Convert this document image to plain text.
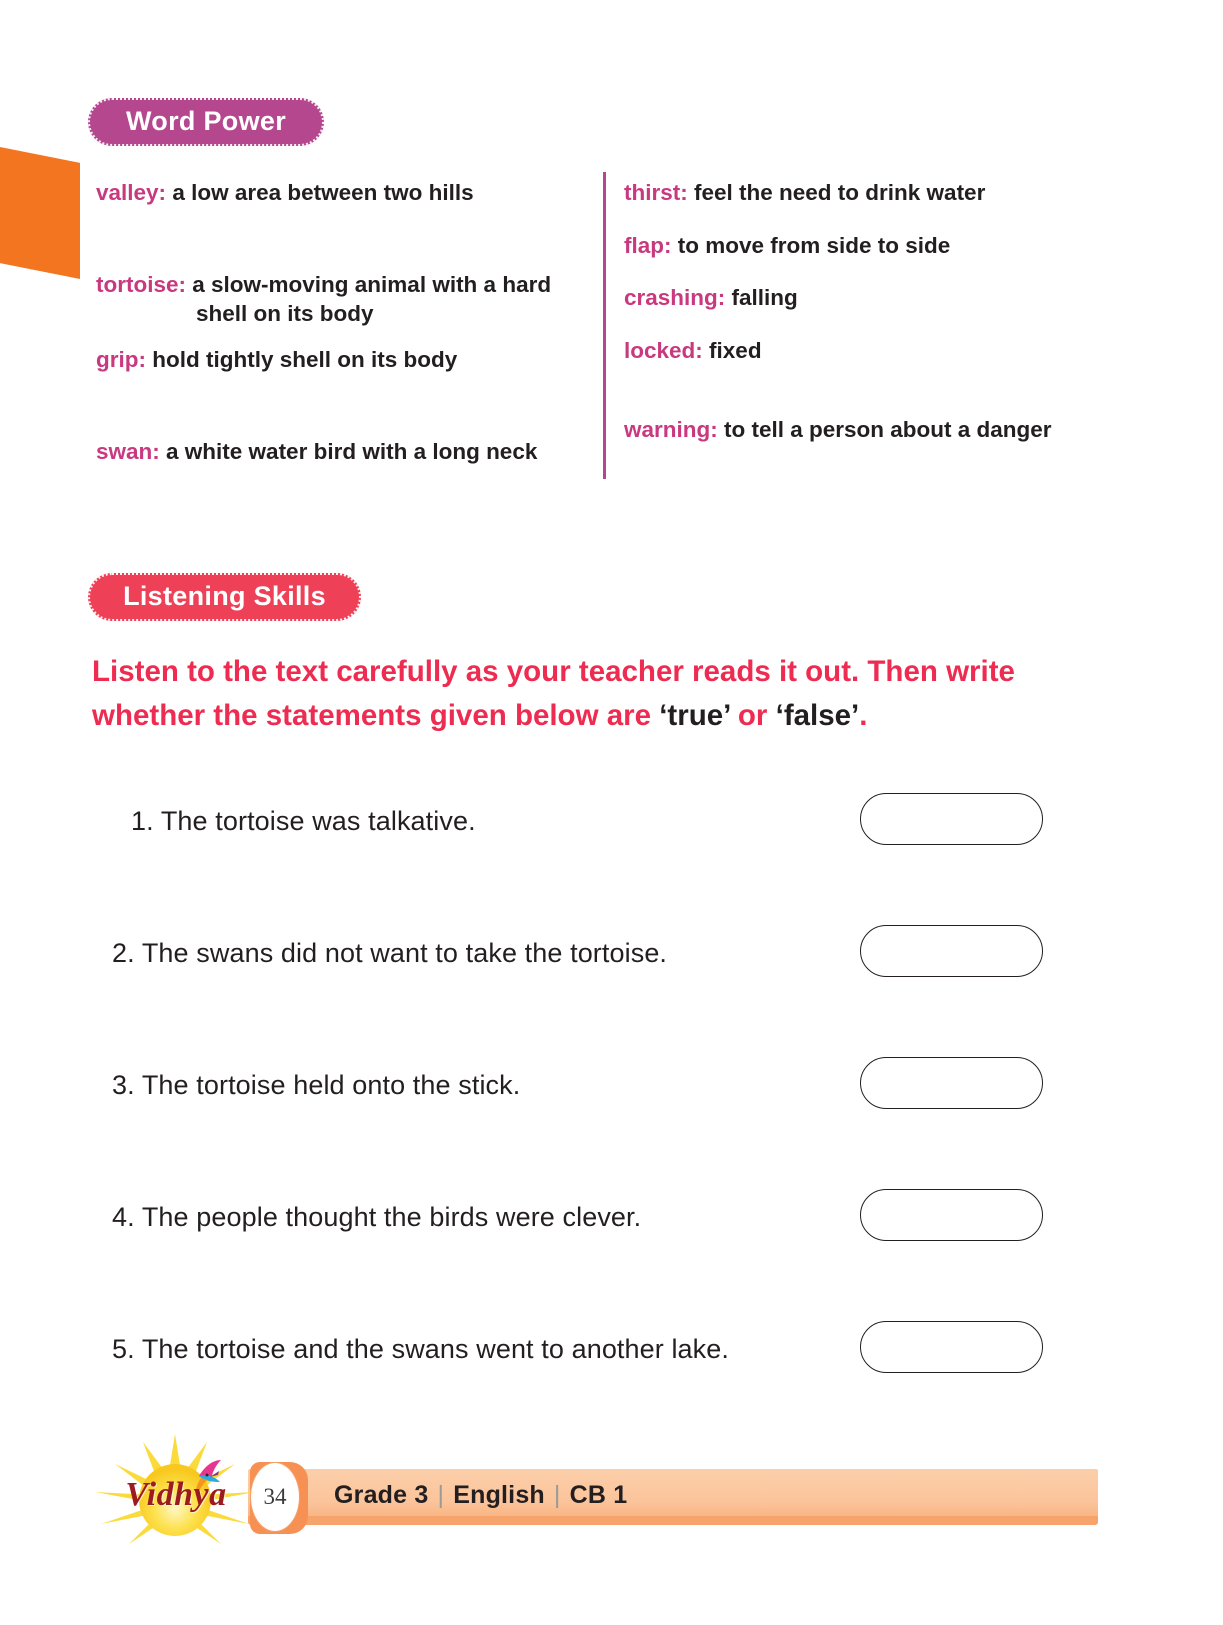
Word Power
valley: a low area between two hills
tortoise: a slow-moving animal with a hard
shell on its body
grip: hold tightly shell on its body
swan: a white water bird with a long neck
thirst: feel the need to drink water
flap: to move from side to side
crashing: falling
locked: fixed
warning: to tell a person about a danger
Listening Skills
Listen to the text carefully as your teacher reads it out. Then write whether the statements given below are ‘true’ or ‘false’.
1. The tortoise was talkative.
2. The swans did not want to take the tortoise.
3. The tortoise held onto the stick.
4. The people thought the birds were clever.
5. The tortoise and the swans went to another lake.
34 Grade 3 | English | CB 1
Vidhya
